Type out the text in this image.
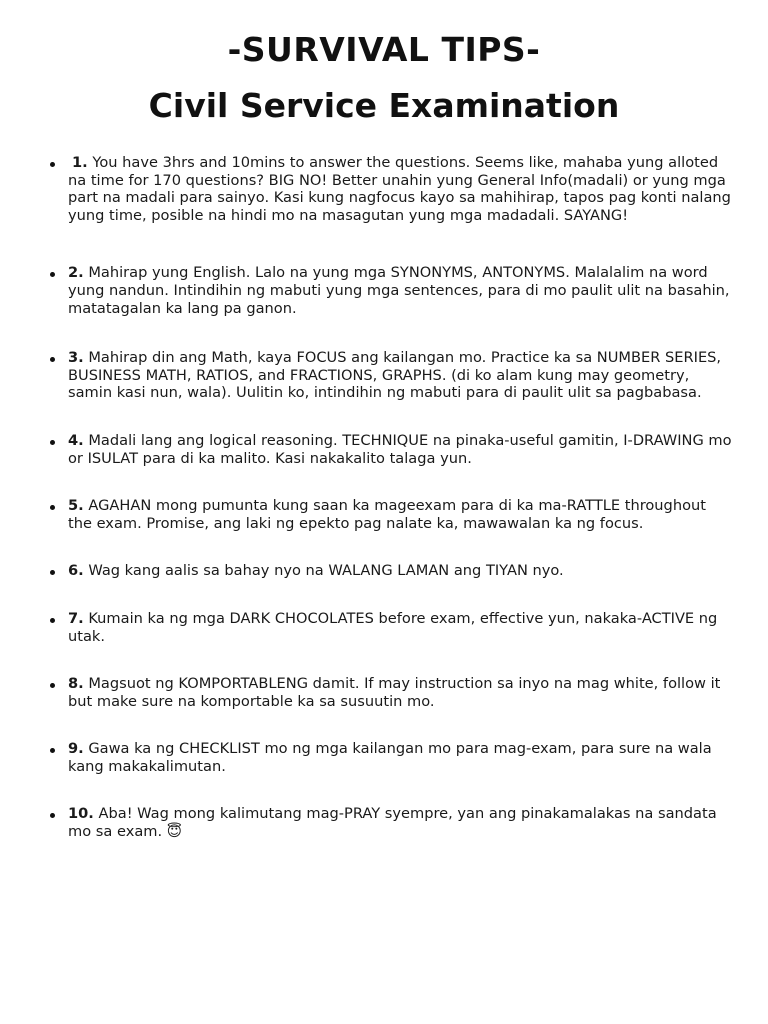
-SURVIVAL TIPS-
Civil Service Examination
1. You have 3hrs and 10mins to answer the questions. Seems like, mahaba yung alloted na time for 170 questions? BIG NO! Better unahin yung General Info(madali) or yung mga part na madali para sainyo. Kasi kung nagfocus kayo sa mahihirap, tapos pag konti nalang yung time, posible na hindi mo na masagutan yung mga madadali. SAYANG!
2. Mahirap yung English. Lalo na yung mga SYNONYMS, ANTONYMS. Malalalim na word yung nandun. Intindihin ng mabuti yung mga sentences, para di mo paulit ulit na basahin, matatagalan ka lang pa ganon.
3. Mahirap din ang Math, kaya FOCUS ang kailangan mo. Practice ka sa NUMBER SERIES, BUSINESS MATH, RATIOS, and FRACTIONS, GRAPHS. (di ko alam kung may geometry, samin kasi nun, wala). Uulitin ko, intindihin ng mabuti para di paulit ulit sa pagbabasa.
4. Madali lang ang logical reasoning. TECHNIQUE na pinaka-useful gamitin, I-DRAWING mo or ISULAT para di ka malito. Kasi nakakalito talaga yun.
5. AGAHAN mong pumunta kung saan ka mageexam para di ka ma-RATTLE throughout the exam. Promise, ang laki ng epekto pag nalate ka, mawawalan ka ng focus.
6. Wag kang aalis sa bahay nyo na WALANG LAMAN ang TIYAN nyo.
7. Kumain ka ng mga DARK CHOCOLATES before exam, effective yun, nakaka-ACTIVE ng utak.
8. Magsuot ng KOMPORTABLENG damit. If may instruction sa inyo na mag white, follow it but make sure na komportable ka sa susuutin mo.
9. Gawa ka ng CHECKLIST mo ng mga kailangan mo para mag-exam, para sure na wala kang makakalimutan.
10. Aba! Wag mong kalimutang mag-PRAY syempre, yan ang pinakamalakas na sandata mo sa exam. 😇
